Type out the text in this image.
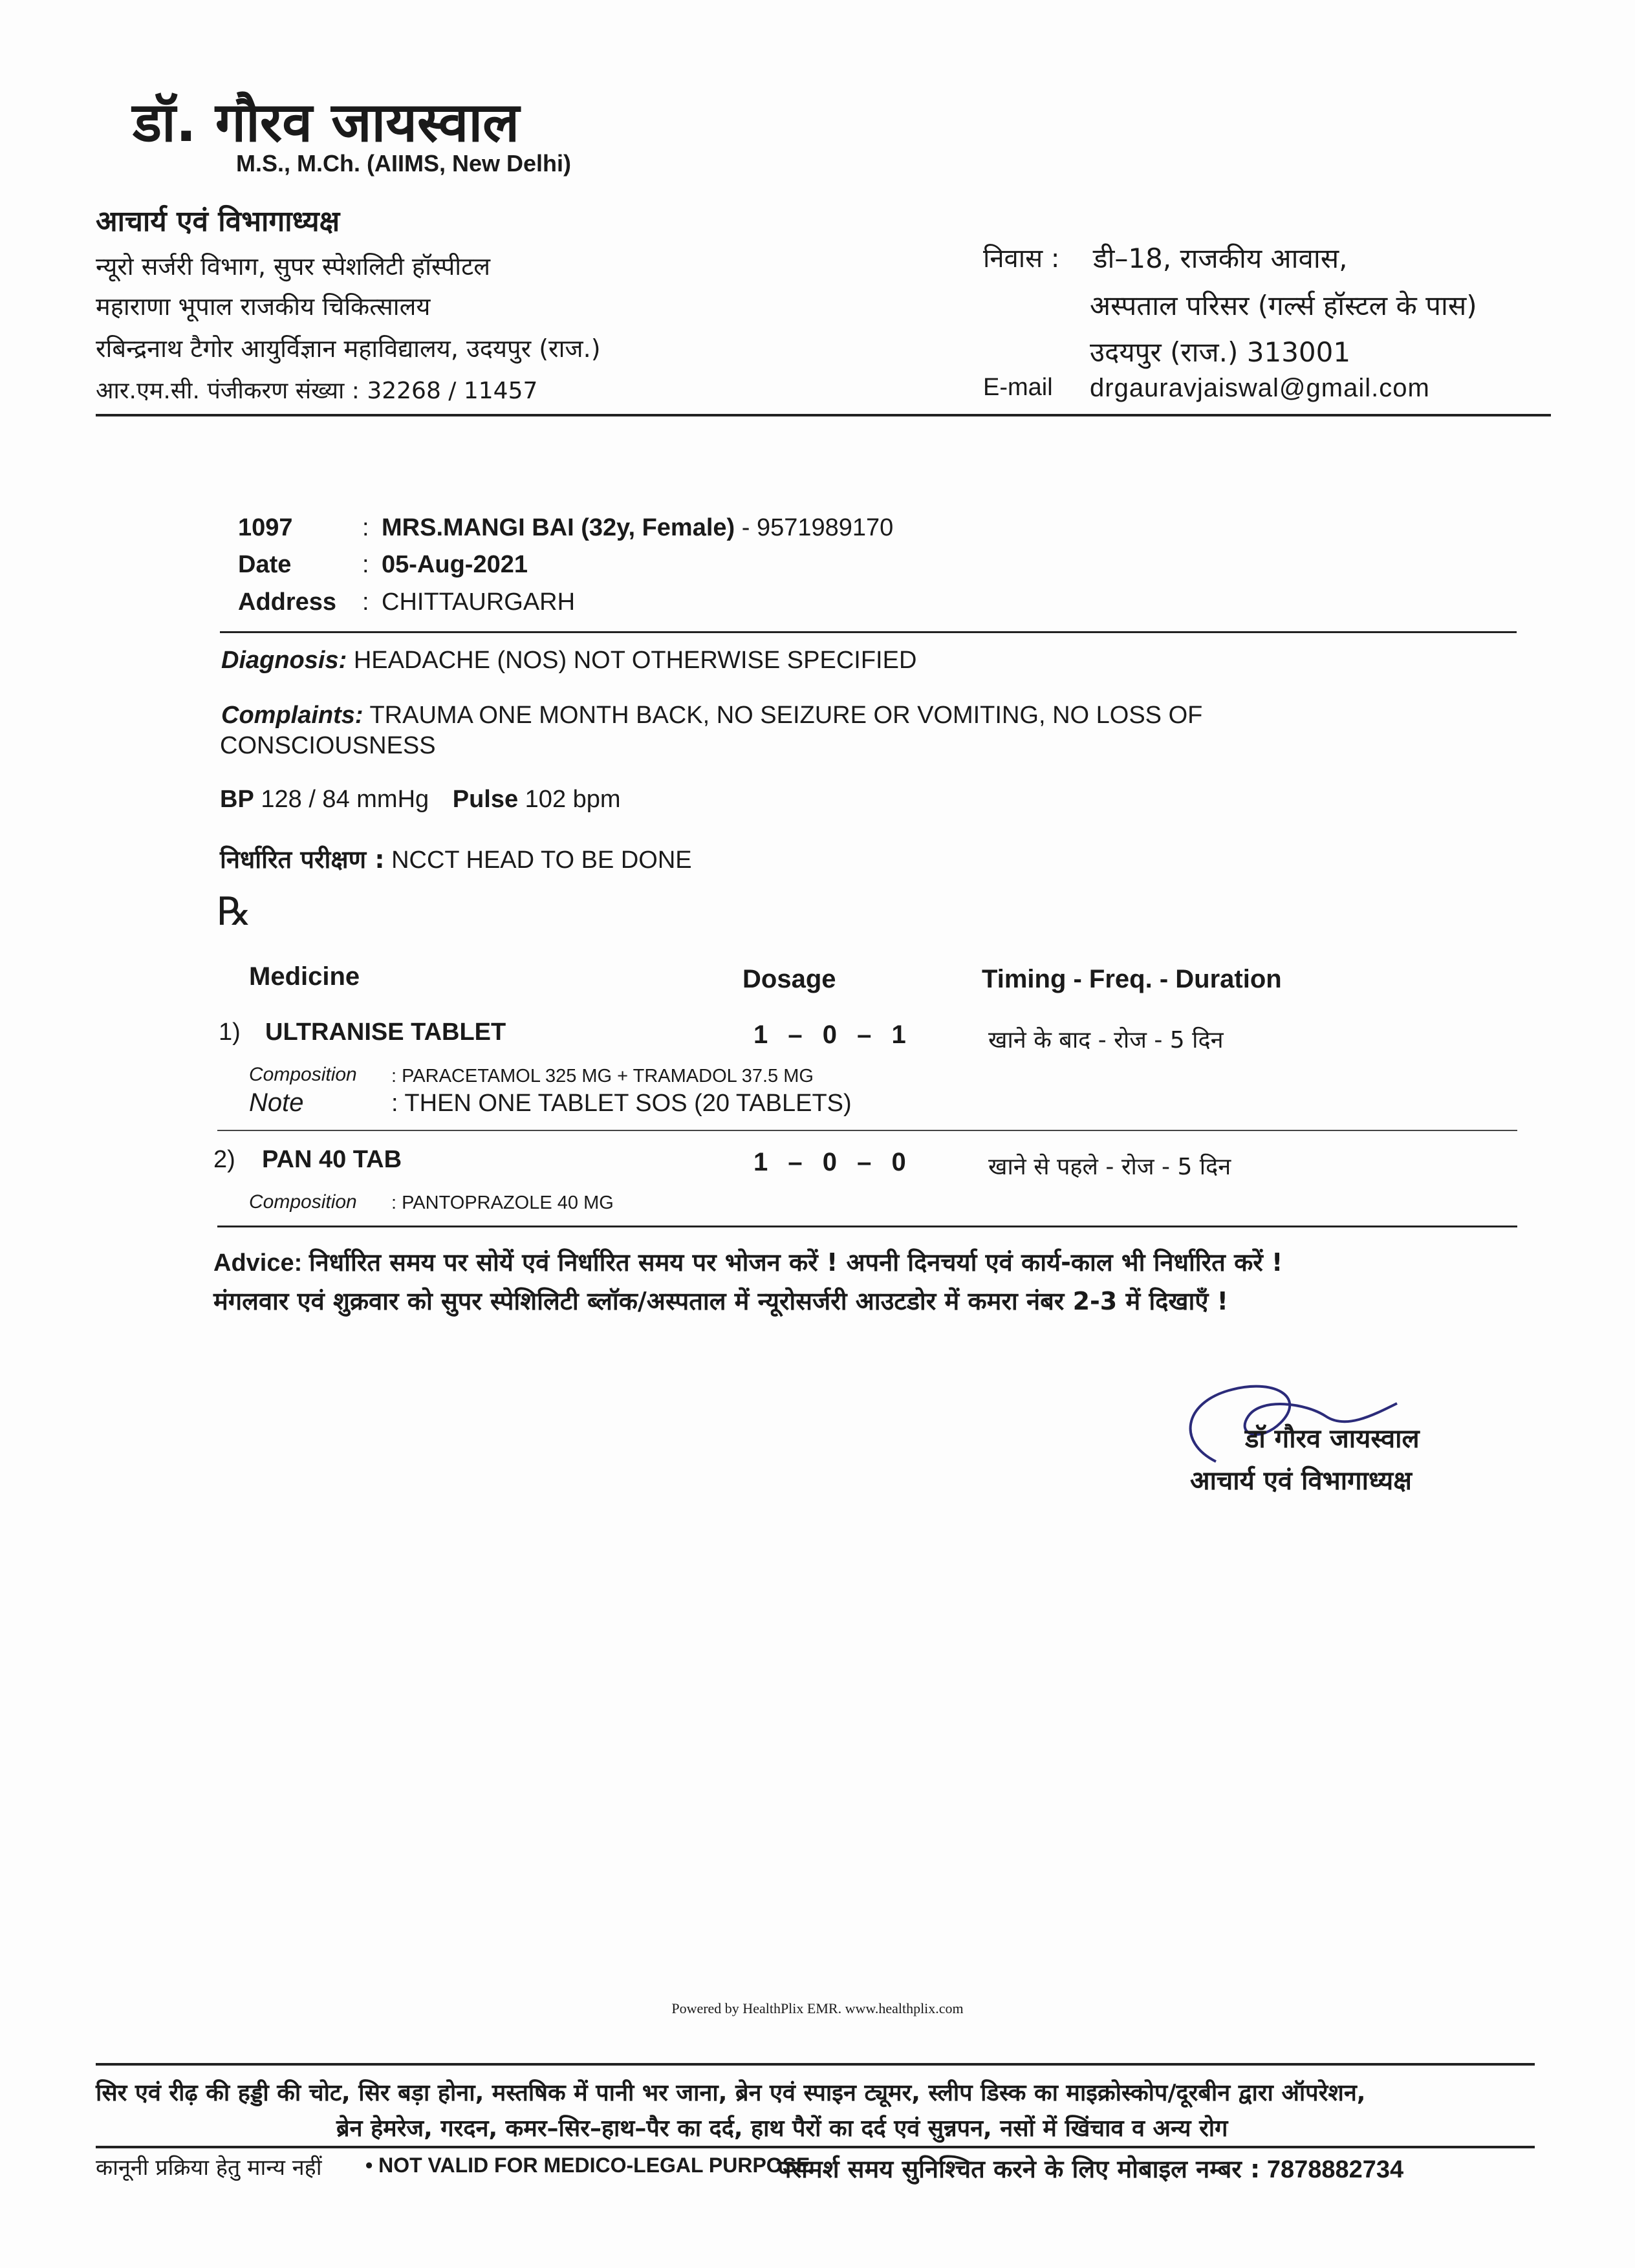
डॉ. गौरव जायस्वाल
M.S., M.Ch. (AIIMS, New Delhi)
आचार्य एवं विभागाध्यक्ष
न्यूरो सर्जरी विभाग, सुपर स्पेशलिटी हॉस्पीटल
महाराणा भूपाल राजकीय चिकित्सालय
रबिन्द्रनाथ टैगोर आयुर्विज्ञान महाविद्यालय, उदयपुर (राज.)
आर.एम.सी. पंजीकरण संख्या : 32268 / 11457
निवास : डी–18, राजकीय आवास,
अस्पताल परिसर (गर्ल्स हॉस्टल के पास)
उदयपुर (राज.) 313001
E-mail drgauravjaiswal@gmail.com
1097	: MRS.MANGI BAI (32y, Female) - 9571989170
Date	: 05-Aug-2021
Address : CHITTAURGARH
Diagnosis: HEADACHE (NOS) NOT OTHERWISE SPECIFIED
Complaints: TRAUMA ONE MONTH BACK, NO SEIZURE OR VOMITING, NO LOSS OF
CONSCIOUSNESS
BP 128 / 84 mmHg Pulse 102 bpm
निर्धारित परीक्षण : NCCT HEAD TO BE DONE
℞
Medicine	Dosage	Timing - Freq. - Duration
1) ULTRANISE TABLET	1 – 0 – 1	खाने के बाद - रोज - 5 दिन
Composition : PARACETAMOL 325 MG + TRAMADOL 37.5 MG
Note	: THEN ONE TABLET SOS (20 TABLETS)
2) PAN 40 TAB	1 – 0 – 0	खाने से पहले - रोज - 5 दिन
Composition : PANTOPRAZOLE 40 MG
Advice: निर्धारित समय पर सोयें एवं निर्धारित समय पर भोजन करें ! अपनी दिनचर्या एवं कार्य-काल भी निर्धारित करें !
मंगलवार एवं शुक्रवार को सुपर स्पेशिलिटी ब्लॉक/अस्पताल में न्यूरोसर्जरी आउटडोर में कमरा नंबर 2-3 में दिखाएँ !
डॉ गौरव जायस्वाल
आचार्य एवं विभागाध्यक्ष
Powered by HealthPlix EMR. www.healthplix.com
सिर एवं रीढ़ की हड्डी की चोट, सिर बड़ा होना, मस्तषिक में पानी भर जाना, ब्रेन एवं स्पाइन ट्यूमर, स्लीप डिस्क का माइक्रोस्कोप/दूरबीन द्वारा ऑपरेशन,
ब्रेन हेमरेज, गरदन, कमर–सिर–हाथ–पैर का दर्द, हाथ पैरों का दर्द एवं सुन्नपन, नसों में खिंचाव व अन्य रोग
कानूनी प्रक्रिया हेतु मान्य नहीं • NOT VALID FOR MEDICO-LEGAL PURPOSE
परामर्श समय सुनिश्चित करने के लिए मोबाइल नम्बर : 7878882734
